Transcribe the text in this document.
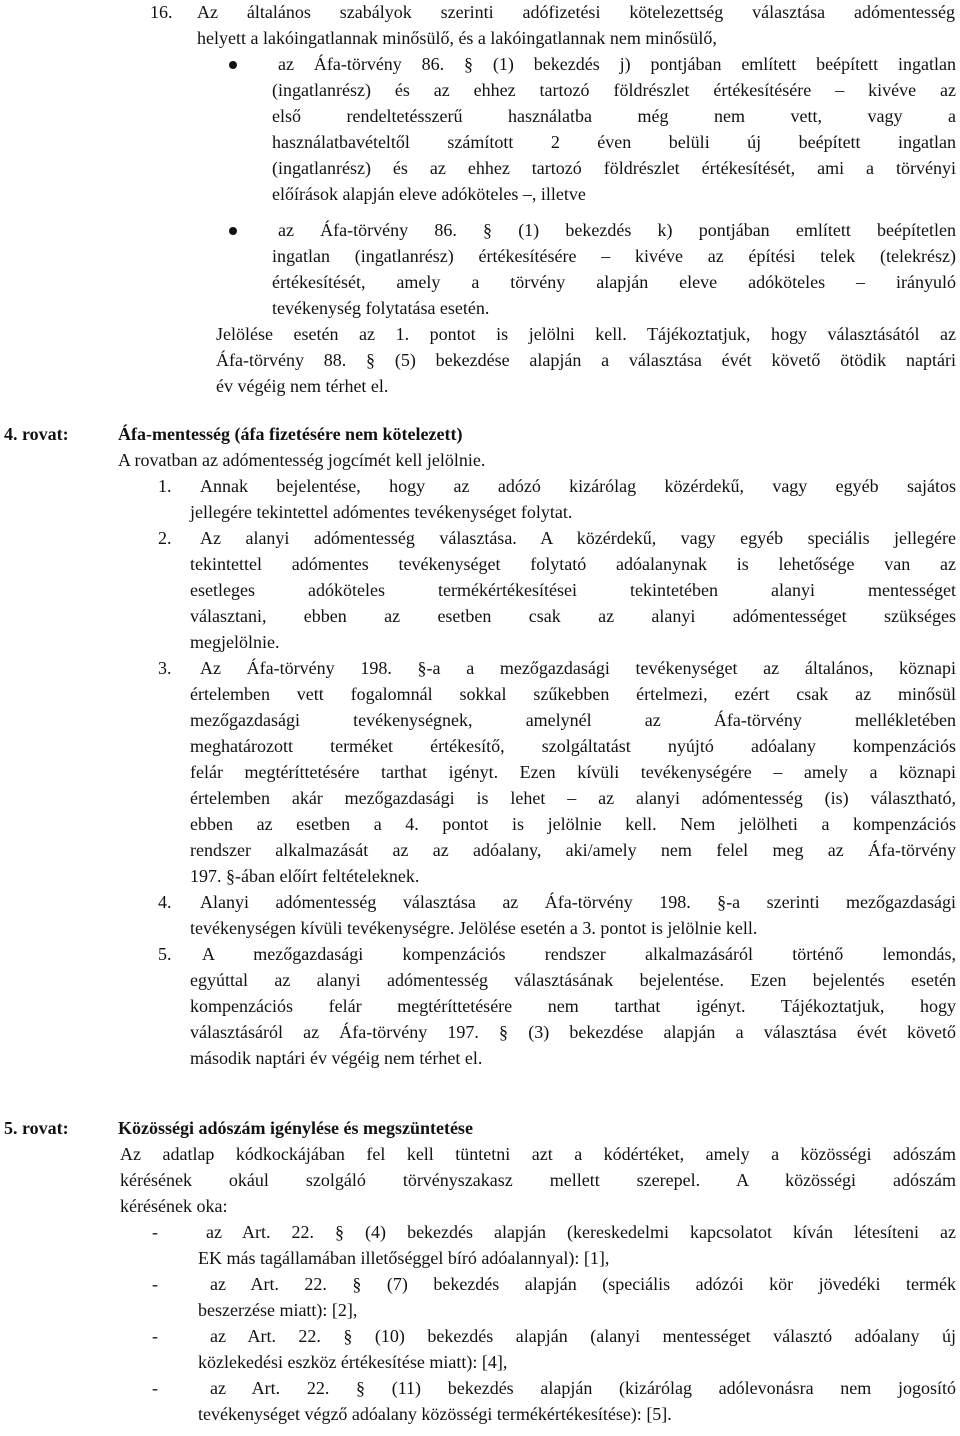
16. Az általános szabályok szerinti adófizetési kötelezettség választása adómentesség
helyett a lakóingatlannak minősülő, és a lakóingatlannak nem minősülő,
az Áfa-törvény 86. § (1) bekezdés j) pontjában említett beépített ingatlan
(ingatlanrész) és az ehhez tartozó földrészlet értékesítésére – kivéve az
első rendeltetésszerű használatba még nem vett, vagy a
használatbavételtől számított 2 éven belüli új beépített ingatlan
(ingatlanrész) és az ehhez tartozó földrészlet értékesítését, ami a törvényi
előírások alapján eleve adóköteles –, illetve
az Áfa-törvény 86. § (1) bekezdés k) pontjában említett beépítetlen
ingatlan (ingatlanrész) értékesítésére – kivéve az építési telek (telekrész)
értékesítését, amely a törvény alapján eleve adóköteles – irányuló
tevékenység folytatása esetén.
Jelölése esetén az 1. pontot is jelölni kell. Tájékoztatjuk, hogy választásától az
Áfa-törvény 88. § (5) bekezdése alapján a választása évét követő ötödik naptári
év végéig nem térhet el.
4. rovat:	Áfa-mentesség (áfa fizetésére nem kötelezett)
A rovatban az adómentesség jogcímét kell jelölnie.
1. Annak bejelentése, hogy az adózó kizárólag közérdekű, vagy egyéb sajátos
jellegére tekintettel adómentes tevékenységet folytat.
2. Az alanyi adómentesség választása. A közérdekű, vagy egyéb speciális jellegére
tekintettel adómentes tevékenységet folytató adóalanynak is lehetősége van az
esetleges adóköteles termékértékesítései tekintetében alanyi mentességet
választani, ebben az esetben csak az alanyi adómentességet szükséges
megjelölnie.
3. Az Áfa-törvény 198. §-a a mezőgazdasági tevékenységet az általános, köznapi
értelemben vett fogalomnál sokkal szűkebben értelmezi, ezért csak az minősül
mezőgazdasági tevékenységnek, amelynél az Áfa-törvény mellékletében
meghatározott terméket értékesítő, szolgáltatást nyújtó adóalany kompenzációs
felár megtéríttetésére tarthat igényt. Ezen kívüli tevékenységére – amely a köznapi
értelemben akár mezőgazdasági is lehet – az alanyi adómentesség (is) választható,
ebben az esetben a 4. pontot is jelölnie kell. Nem jelölheti a kompenzációs
rendszer alkalmazását az az adóalany, aki/amely nem felel meg az Áfa-törvény
197. §-ában előírt feltételeknek.
4. Alanyi adómentesség választása az Áfa-törvény 198. §-a szerinti mezőgazdasági
tevékenységen kívüli tevékenységre. Jelölése esetén a 3. pontot is jelölnie kell.
5. A mezőgazdasági kompenzációs rendszer alkalmazásáról történő lemondás,
egyúttal az alanyi adómentesség választásának bejelentése. Ezen bejelentés esetén
kompenzációs felár megtéríttetésére nem tarthat igényt. Tájékoztatjuk, hogy
választásáról az Áfa-törvény 197. § (3) bekezdése alapján a választása évét követő
második naptári év végéig nem térhet el.
5. rovat:	Közösségi adószám igénylése és megszüntetése
Az adatlap kódkockájában fel kell tüntetni azt a kódértéket, amely a közösségi adószám
kérésének okául szolgáló törvényszakasz mellett szerepel. A közösségi adószám
kérésének oka:
-	az Art. 22. § (4) bekezdés alapján (kereskedelmi kapcsolatot kíván létesíteni az
EK más tagállamában illetőséggel bíró adóalannyal): [1],
-	az Art. 22. § (7) bekezdés alapján (speciális adózói kör jövedéki termék
beszerzése miatt): [2],
-	az Art. 22. § (10) bekezdés alapján (alanyi mentességet választó adóalany új
közlekedési eszköz értékesítése miatt): [4],
-	az Art. 22. § (11) bekezdés alapján (kizárólag adólevonásra nem jogosító
tevékenységet végző adóalany közösségi termékértékesítése): [5].
